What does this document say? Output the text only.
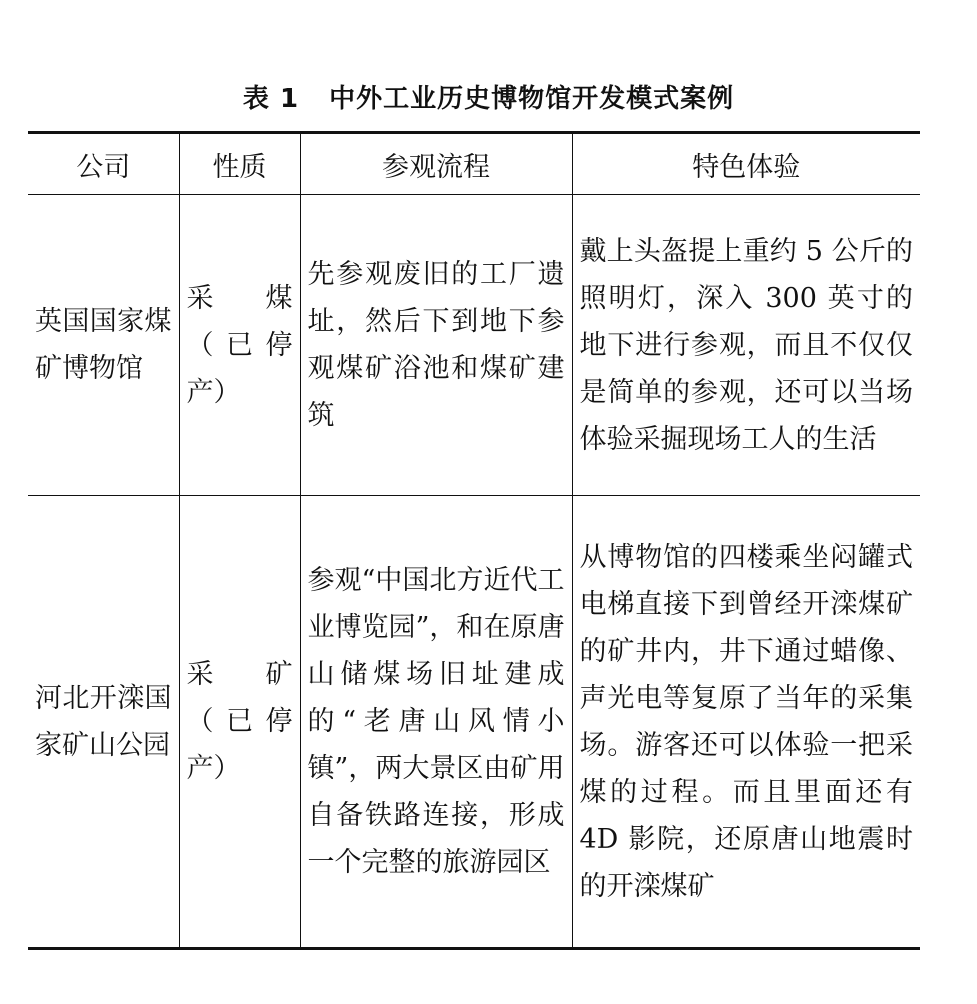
表 1 中外工业历史博物馆开发模式案例
公司	性质	参观流程	特色体验
英国国家煤矿博物馆	采煤（已停产）	先参观废旧的工厂遗址，然后下到地下参观煤矿浴池和煤矿建筑	戴上头盔提上重约 5 公斤的照明灯，深入 300 英寸的地下进行参观，而且不仅仅是简单的参观，还可以当场体验采掘现场工人的生活
河北开滦国家矿山公园	采矿（已停产）	参观“中国北方近代工业博览园”，和在原唐山储煤场旧址建成的“老唐山风情小镇”，两大景区由矿用自备铁路连接，形成一个完整的旅游园区	从博物馆的四楼乘坐闷罐式电梯直接下到曾经开滦煤矿的矿井内，井下通过蜡像、声光电等复原了当年的采集场。游客还可以体验一把采煤的过程。而且里面还有 4D 影院，还原唐山地震时的开滦煤矿
